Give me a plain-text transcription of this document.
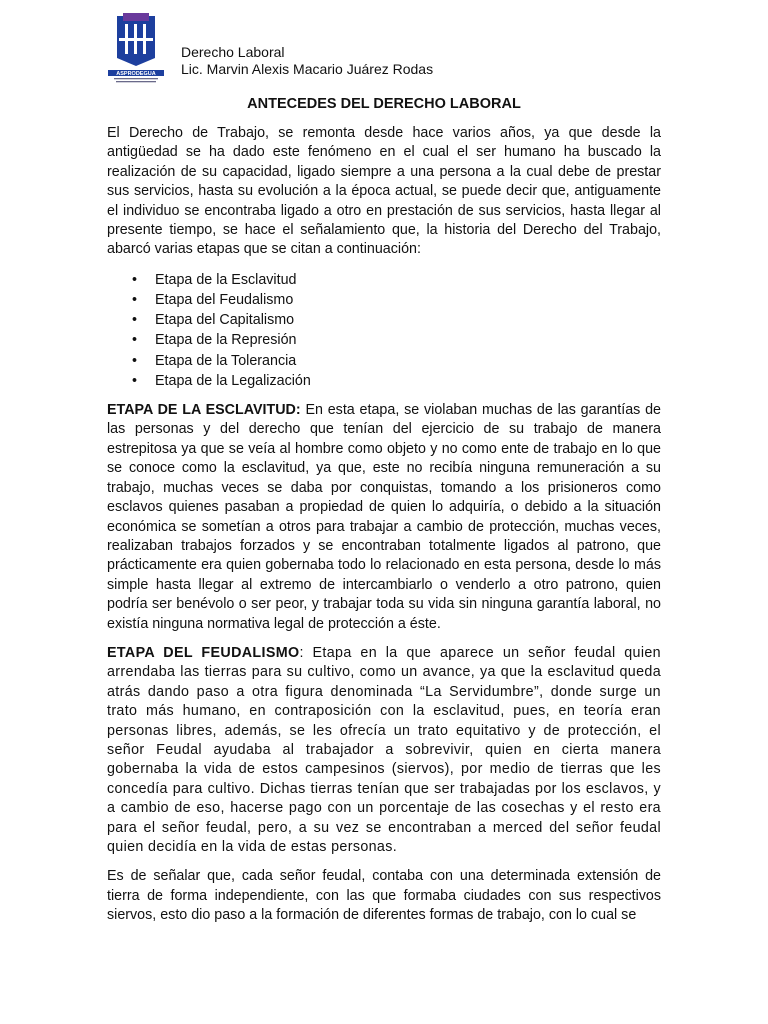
ASPRODEGUA
Derecho Laboral
Lic. Marvin Alexis Macario Juárez Rodas
ANTECEDES DEL DERECHO LABORAL

El Derecho de Trabajo, se remonta desde hace varios años, ya que desde la antigüedad se ha dado este fenómeno en el cual el ser humano ha buscado la realización de su capacidad, ligado siempre a una persona a la cual debe de prestar sus servicios, hasta su evolución a la época actual, se puede decir que, antiguamente el individuo se encontraba ligado a otro en prestación de sus servicios, hasta llegar al presente tiempo, se hace el señalamiento que, la historia del Derecho del Trabajo, abarcó varias etapas que se citan a continuación:

• Etapa de la Esclavitud
• Etapa del Feudalismo
• Etapa del Capitalismo
• Etapa de la Represión
• Etapa de la Tolerancia
• Etapa de la Legalización

ETAPA DE LA ESCLAVITUD: En esta etapa, se violaban muchas de las garantías de las personas y del derecho que tenían del ejercicio de su trabajo de manera estrepitosa ya que se veía al hombre como objeto y no como ente de trabajo en lo que se conoce como la esclavitud, ya que, este no recibía ninguna remuneración a su trabajo, muchas veces se daba por conquistas, tomando a los prisioneros como esclavos quienes pasaban a propiedad de quien lo adquiría, o debido a la situación económica se sometían a otros para trabajar a cambio de protección, muchas veces, realizaban trabajos forzados y se encontraban totalmente ligados al patrono, que prácticamente era quien gobernaba todo lo relacionado en esta persona, desde lo más simple hasta llegar al extremo de intercambiarlo o venderlo a otro patrono, quien podría ser benévolo o ser peor, y trabajar toda su vida sin ninguna garantía laboral, no existía ninguna normativa legal de protección a éste.

ETAPA DEL FEUDALISMO: Etapa en la que aparece un señor feudal quien arrendaba las tierras para su cultivo, como un avance, ya que la esclavitud queda atrás dando paso a otra figura denominada “La Servidumbre”, donde surge un trato más humano, en contraposición con la esclavitud, pues, en teoría eran personas libres, además, se les ofrecía un trato equitativo y de protección, el señor Feudal ayudaba al trabajador a sobrevivir, quien en cierta manera gobernaba la vida de estos campesinos (siervos), por medio de tierras que les concedía para cultivo. Dichas tierras tenían que ser trabajadas por los esclavos, y a cambio de eso, hacerse pago con un porcentaje de las cosechas y el resto era para el señor feudal, pero, a su vez se encontraban a merced del señor feudal quien decidía en la vida de estas personas.

Es de señalar que, cada señor feudal, contaba con una determinada extensión de tierra de forma independiente, con las que formaba ciudades con sus respectivos siervos, esto dio paso a la formación de diferentes formas de trabajo, con lo cual se
